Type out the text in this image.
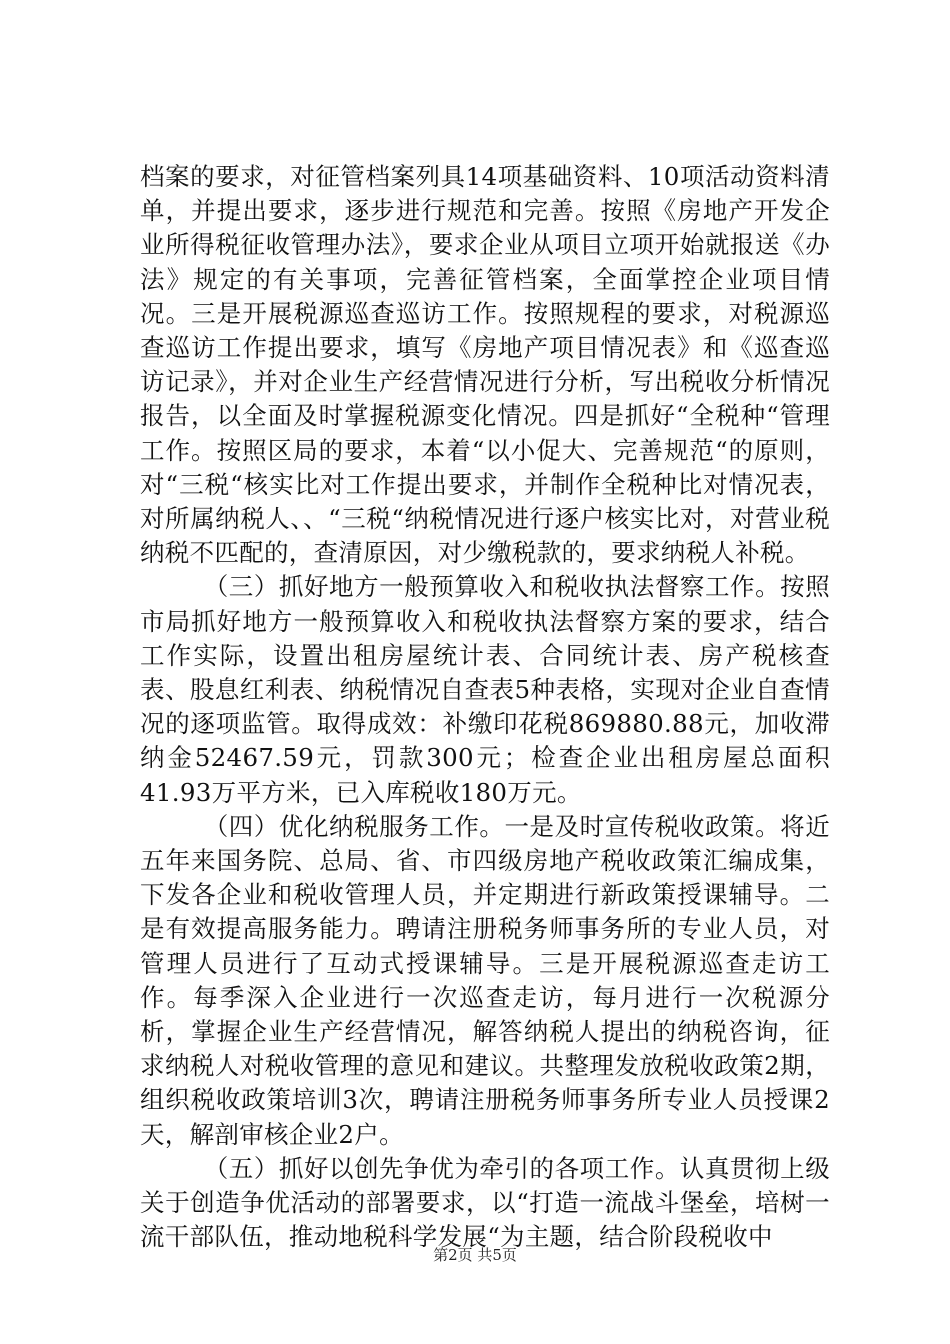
档案的要求，对征管档案列具14项基础资料、10项活动资料清单，并提出要求，逐步进行规范和完善。按照《房地产开发企业所得税征收管理办法》，要求企业从项目立项开始就报送《办法》规定的有关事项，完善征管档案，全面掌控企业项目情况。三是开展税源巡查巡访工作。按照规程的要求，对税源巡查巡访工作提出要求，填写《房地产项目情况表》和《巡查巡访记录》，并对企业生产经营情况进行分析，写出税收分析情况报告，以全面及时掌握税源变化情况。四是抓好“全税种“管理工作。按照区局的要求，本着“以小促大、完善规范“的原则，对“三税“核实比对工作提出要求，并制作全税种比对情况表，对所属纳税人、、“三税“纳税情况进行逐户核实比对，对营业税纳税不匹配的，查清原因，对少缴税款的，要求纳税人补税。

（三）抓好地方一般预算收入和税收执法督察工作。按照市局抓好地方一般预算收入和税收执法督察方案的要求，结合工作实际，设置出租房屋统计表、合同统计表、房产税核查表、股息红利表、纳税情况自查表5种表格，实现对企业自查情况的逐项监管。取得成效：补缴印花税869880.88元，加收滞纳金52467.59元，罚款300元；检查企业出租房屋总面积41.93万平方米，已入库税收180万元。

（四）优化纳税服务工作。一是及时宣传税收政策。将近五年来国务院、总局、省、市四级房地产税收政策汇编成集，下发各企业和税收管理人员，并定期进行新政策授课辅导。二是有效提高服务能力。聘请注册税务师事务所的专业人员，对管理人员进行了互动式授课辅导。三是开展税源巡查走访工作。每季深入企业进行一次巡查走访，每月进行一次税源分析，掌握企业生产经营情况，解答纳税人提出的纳税咨询，征求纳税人对税收管理的意见和建议。共整理发放税收政策2期，组织税收政策培训3次，聘请注册税务师事务所专业人员授课2天，解剖审核企业2户。

（五）抓好以创先争优为牵引的各项工作。认真贯彻上级关于创造争优活动的部署要求，以“打造一流战斗堡垒，培树一流干部队伍，推动地税科学发展“为主题，结合阶段税收中

第2页 共5页
